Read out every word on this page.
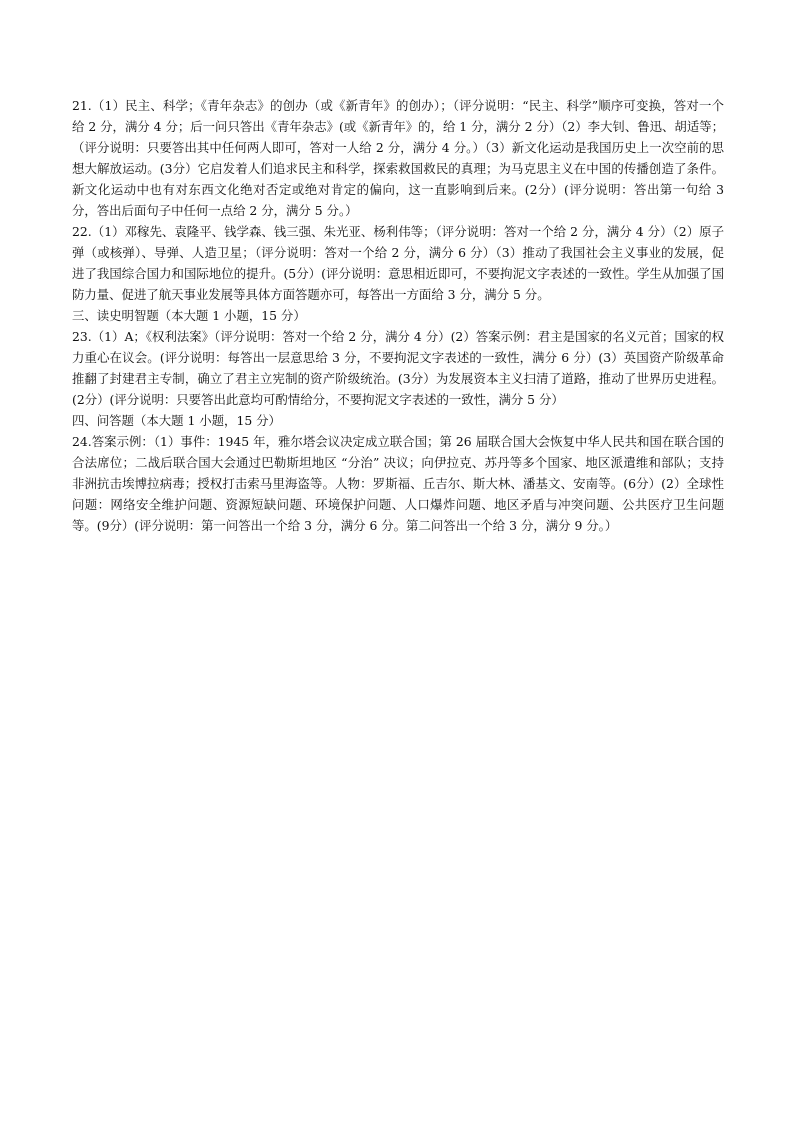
21.（1）民主、科学；《青年杂志》的创办（或《新青年》的创办）；（评分说明：“民主、科学”顺序可变换，答对一个给 2 分，满分 4 分；后一问只答出《青年杂志》(或《新青年》的，给 1 分，满分 2 分）（2）李大钊、鲁迅、胡适等；（评分说明：只要答出其中任何两人即可，答对一人给 2 分，满分 4 分。）（3）新文化运动是我国历史上一次空前的思想大解放运动。(3分）它启发着人们追求民主和科学，探索救国救民的真理；为马克思主义在中国的传播创造了条件。新文化运动中也有对东西文化绝对否定或绝对肯定的偏向，这一直影响到后来。(2分）(评分说明：答出第一句给 3 分，答出后面句子中任何一点给 2 分，满分 5 分。）

22.（1）邓稼先、袁隆平、钱学森、钱三强、朱光亚、杨利伟等；（评分说明：答对一个给 2 分，满分 4 分）（2）原子弹（或核弹）、导弹、人造卫星；（评分说明：答对一个给 2 分，满分 6 分）（3）推动了我国社会主义事业的发展，促进了我国综合国力和国际地位的提升。(5分）(评分说明：意思相近即可，不要拘泥文字表述的一致性。学生从加强了国防力量、促进了航天事业发展等具体方面答题亦可，每答出一方面给 3 分，满分 5 分。

三、读史明智题（本大题 1 小题，15 分）

23.（1）A；《权利法案》（评分说明：答对一个给 2 分，满分 4 分）(2）答案示例：君主是国家的名义元首；国家的权力重心在议会。(评分说明：每答出一层意思给 3 分，不要拘泥文字表述的一致性，满分 6 分）(3）英国资产阶级革命推翻了封建君主专制，确立了君主立宪制的资产阶级统治。(3分）为发展资本主义扫清了道路，推动了世界历史进程。(2分）(评分说明：只要答出此意均可酌情给分，不要拘泥文字表述的一致性，满分 5 分）

四、问答题（本大题 1 小题，15 分）

24.答案示例：（1）事件：1945 年，雅尔塔会议决定成立联合国；第 26 届联合国大会恢复中华人民共和国在联合国的合法席位；二战后联合国大会通过巴勒斯坦地区 “分治” 决议；向伊拉克、苏丹等多个国家、地区派遣维和部队；支持非洲抗击埃博拉病毒；授权打击索马里海盗等。人物：罗斯福、丘吉尔、斯大林、潘基文、安南等。(6分）(2）全球性问题：网络安全维护问题、资源短缺问题、环境保护问题、人口爆炸问题、地区矛盾与冲突问题、公共医疗卫生问题等。(9分）(评分说明：第一问答出一个给 3 分，满分 6 分。第二问答出一个给 3 分，满分 9 分。）
